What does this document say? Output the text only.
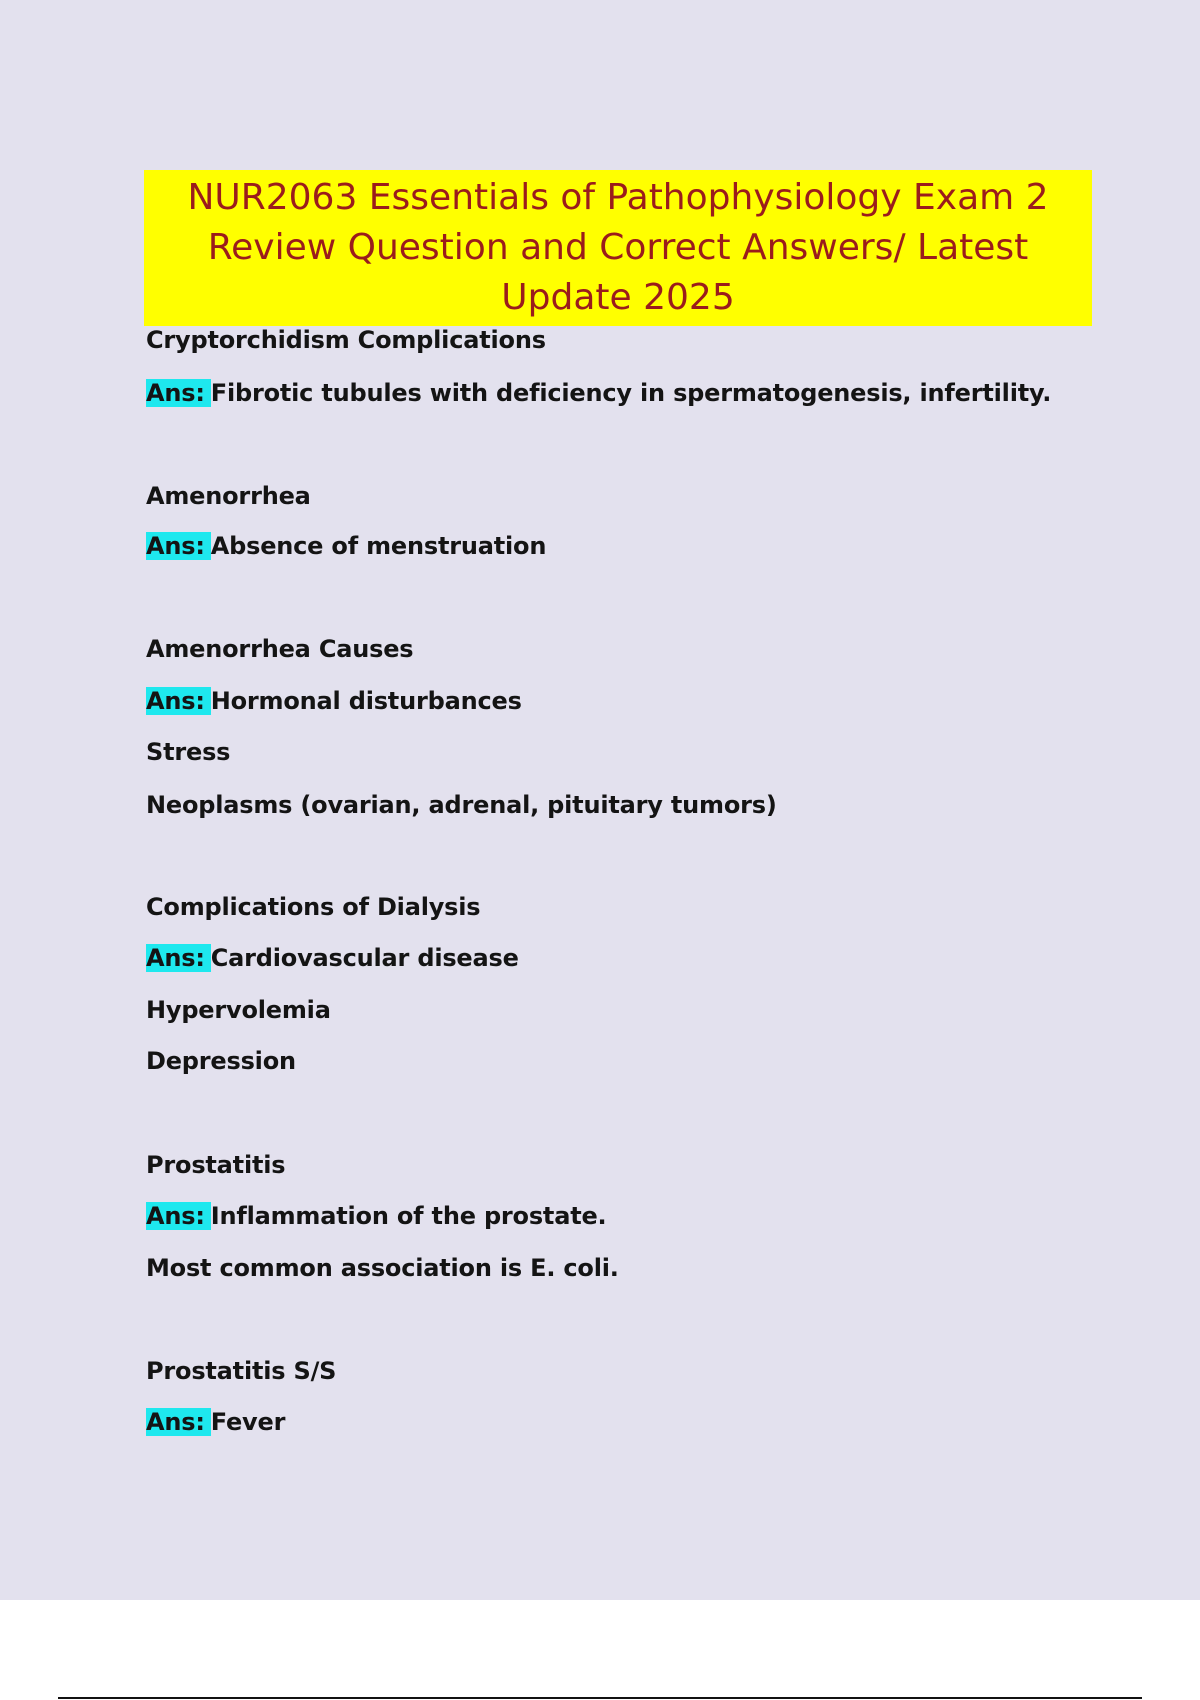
NUR2063 Essentials of Pathophysiology Exam 2
Review Question and Correct Answers/ Latest
Update 2025
Cryptorchidism Complications
Ans: Fibrotic tubules with deficiency in spermatogenesis, infertility.
Amenorrhea
Ans: Absence of menstruation
Amenorrhea Causes
Ans: Hormonal disturbances
Stress
Neoplasms (ovarian, adrenal, pituitary tumors)
Complications of Dialysis
Ans: Cardiovascular disease
Hypervolemia
Depression
Prostatitis
Ans: Inflammation of the prostate.
Most common association is E. coli.
Prostatitis S/S
Ans: Fever
